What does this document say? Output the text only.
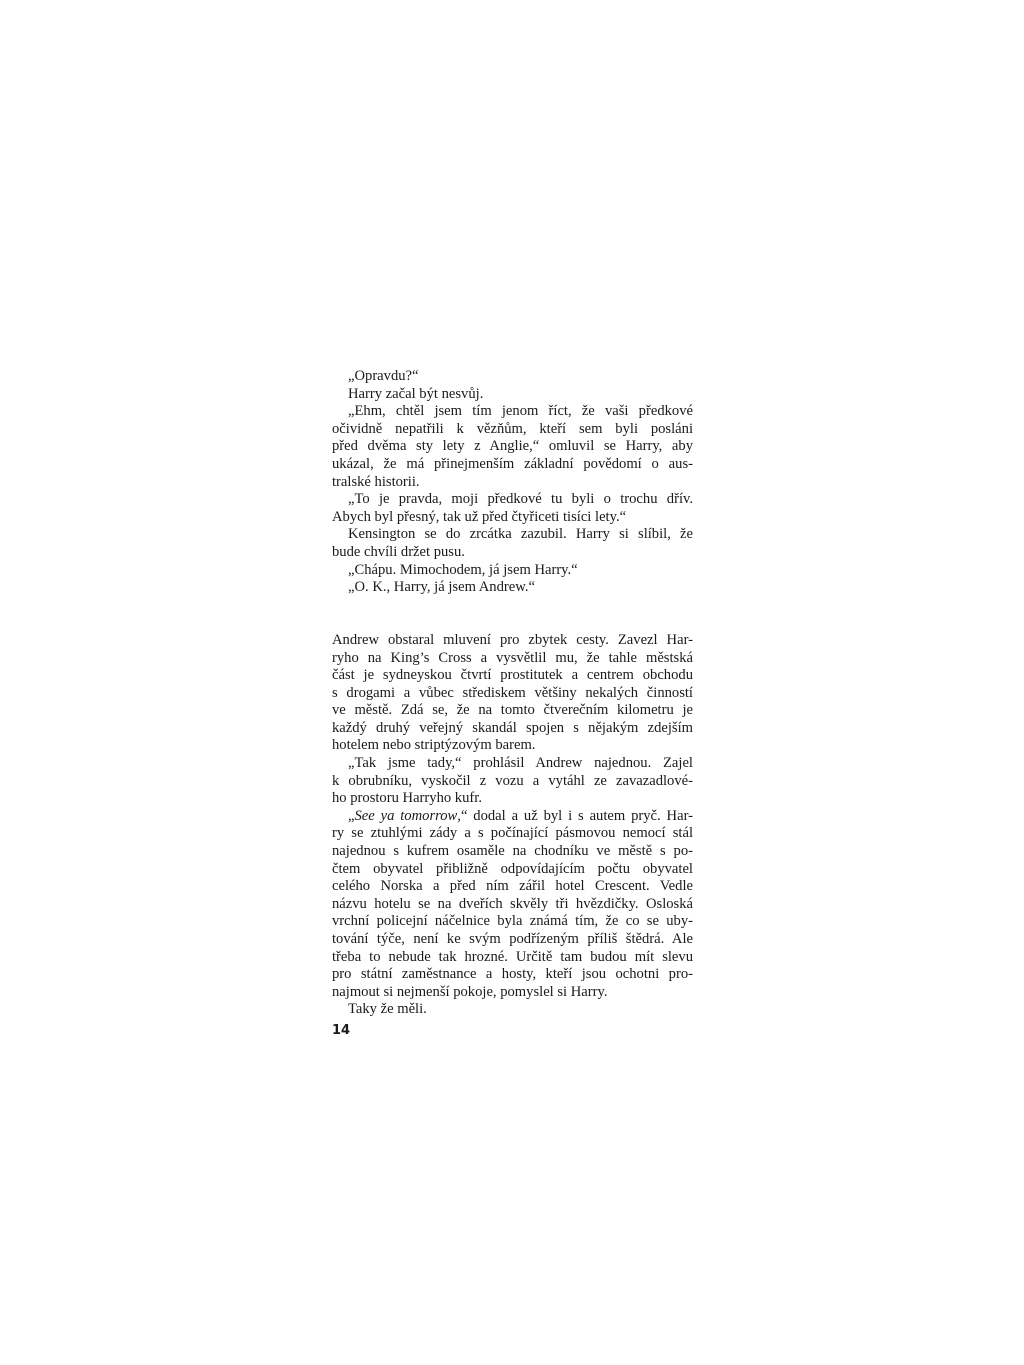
„Opravdu?“
Harry začal být nesvůj.
„Ehm, chtěl jsem tím jenom říct, že vaši předkové
očividně nepatřili k vězňům, kteří sem byli posláni
před dvěma sty lety z Anglie,“ omluvil se Harry, aby
ukázal, že má přinejmenším základní povědomí o aus-
tralské historii.
„To je pravda, moji předkové tu byli o trochu dřív.
Abych byl přesný, tak už před čtyřiceti tisíci lety.“
Kensington se do zrcátka zazubil. Harry si slíbil, že
bude chvíli držet pusu.
„Chápu. Mimochodem, já jsem Harry.“
„O. K., Harry, já jsem Andrew.“
Andrew obstaral mluvení pro zbytek cesty. Zavezl Har-
ryho na King’s Cross a vysvětlil mu, že tahle městská
část je sydneyskou čtvrtí prostitutek a centrem obchodu
s drogami a vůbec střediskem většiny nekalých činností
ve městě. Zdá se, že na tomto čtverečním kilometru je
každý druhý veřejný skandál spojen s nějakým zdejším
hotelem nebo striptýzovým barem.
„Tak jsme tady,“ prohlásil Andrew najednou. Zajel
k obrubníku, vyskočil z vozu a vytáhl ze zavazadlové-
ho prostoru Harryho kufr.
„See ya tomorrow,“ dodal a už byl i s autem pryč. Har-
ry se ztuhlými zády a s počínající pásmovou nemocí stál
najednou s kufrem osaměle na chodníku ve městě s po-
čtem obyvatel přibližně odpovídajícím počtu obyvatel
celého Norska a před ním zářil hotel Crescent. Vedle
názvu hotelu se na dveřích skvěly tři hvězdičky. Osloská
vrchní policejní náčelnice byla známá tím, že co se uby-
tování týče, není ke svým podřízeným příliš štědrá. Ale
třeba to nebude tak hrozné. Určitě tam budou mít slevu
pro státní zaměstnance a hosty, kteří jsou ochotni pro-
najmout si nejmenší pokoje, pomyslel si Harry.
Taky že měli.
14
